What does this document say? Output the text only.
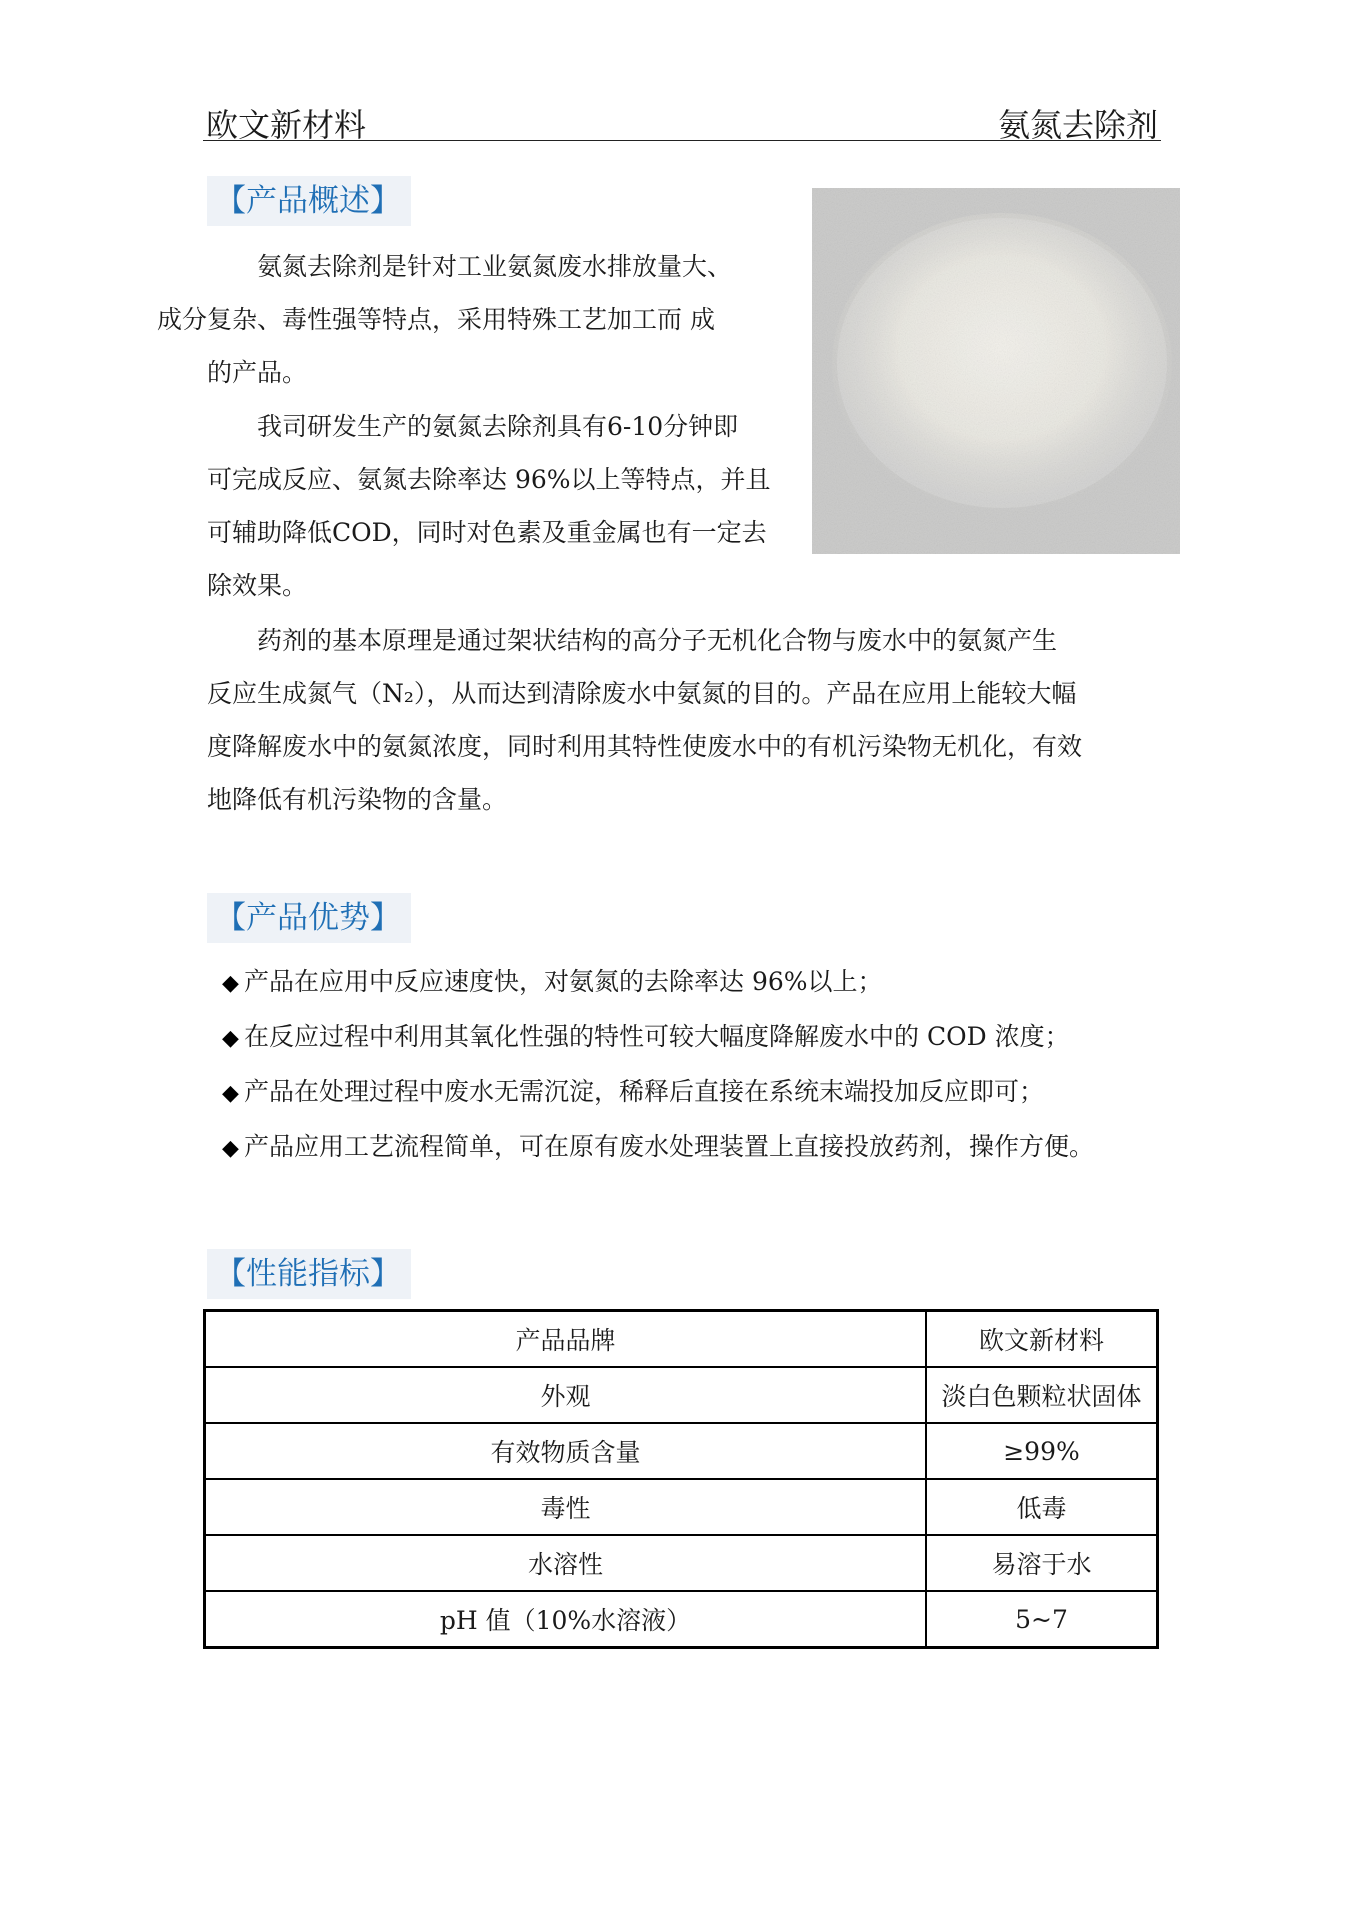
欧文新材料	氨氮去除剂
【产品概述】

氨氮去除剂是针对工业氨氮废水排放量大、
成分复杂、毒性强等特点，采用特殊工艺加工而 成
的产品。

我司研发生产的氨氮去除剂具有6-10分钟即
可完成反应、氨氮去除率达 96%以上等特点，并且
可辅助降低COD，同时对色素及重金属也有一定去
除效果。

药剂的基本原理是通过架状结构的高分子无机化合物与废水中的氨氮产生
反应生成氮气（N₂），从而达到清除废水中氨氮的目的。产品在应用上能较大幅
度降解废水中的氨氮浓度，同时利用其特性使废水中的有机污染物无机化，有效
地降低有机污染物的含量。

【产品优势】
◆ 产品在应用中反应速度快，对氨氮的去除率达 96%以上；
◆ 在反应过程中利用其氧化性强的特性可较大幅度降解废水中的 COD 浓度；
◆ 产品在处理过程中废水无需沉淀，稀释后直接在系统末端投加反应即可；
◆ 产品应用工艺流程简单，可在原有废水处理装置上直接投放药剂，操作方便。
【性能指标】
产品品牌	欧文新材料
外观	淡白色颗粒状固体
有效物质含量	≥99%
毒性	低毒
水溶性	易溶于水
pH 值（10%水溶液）	5~7
